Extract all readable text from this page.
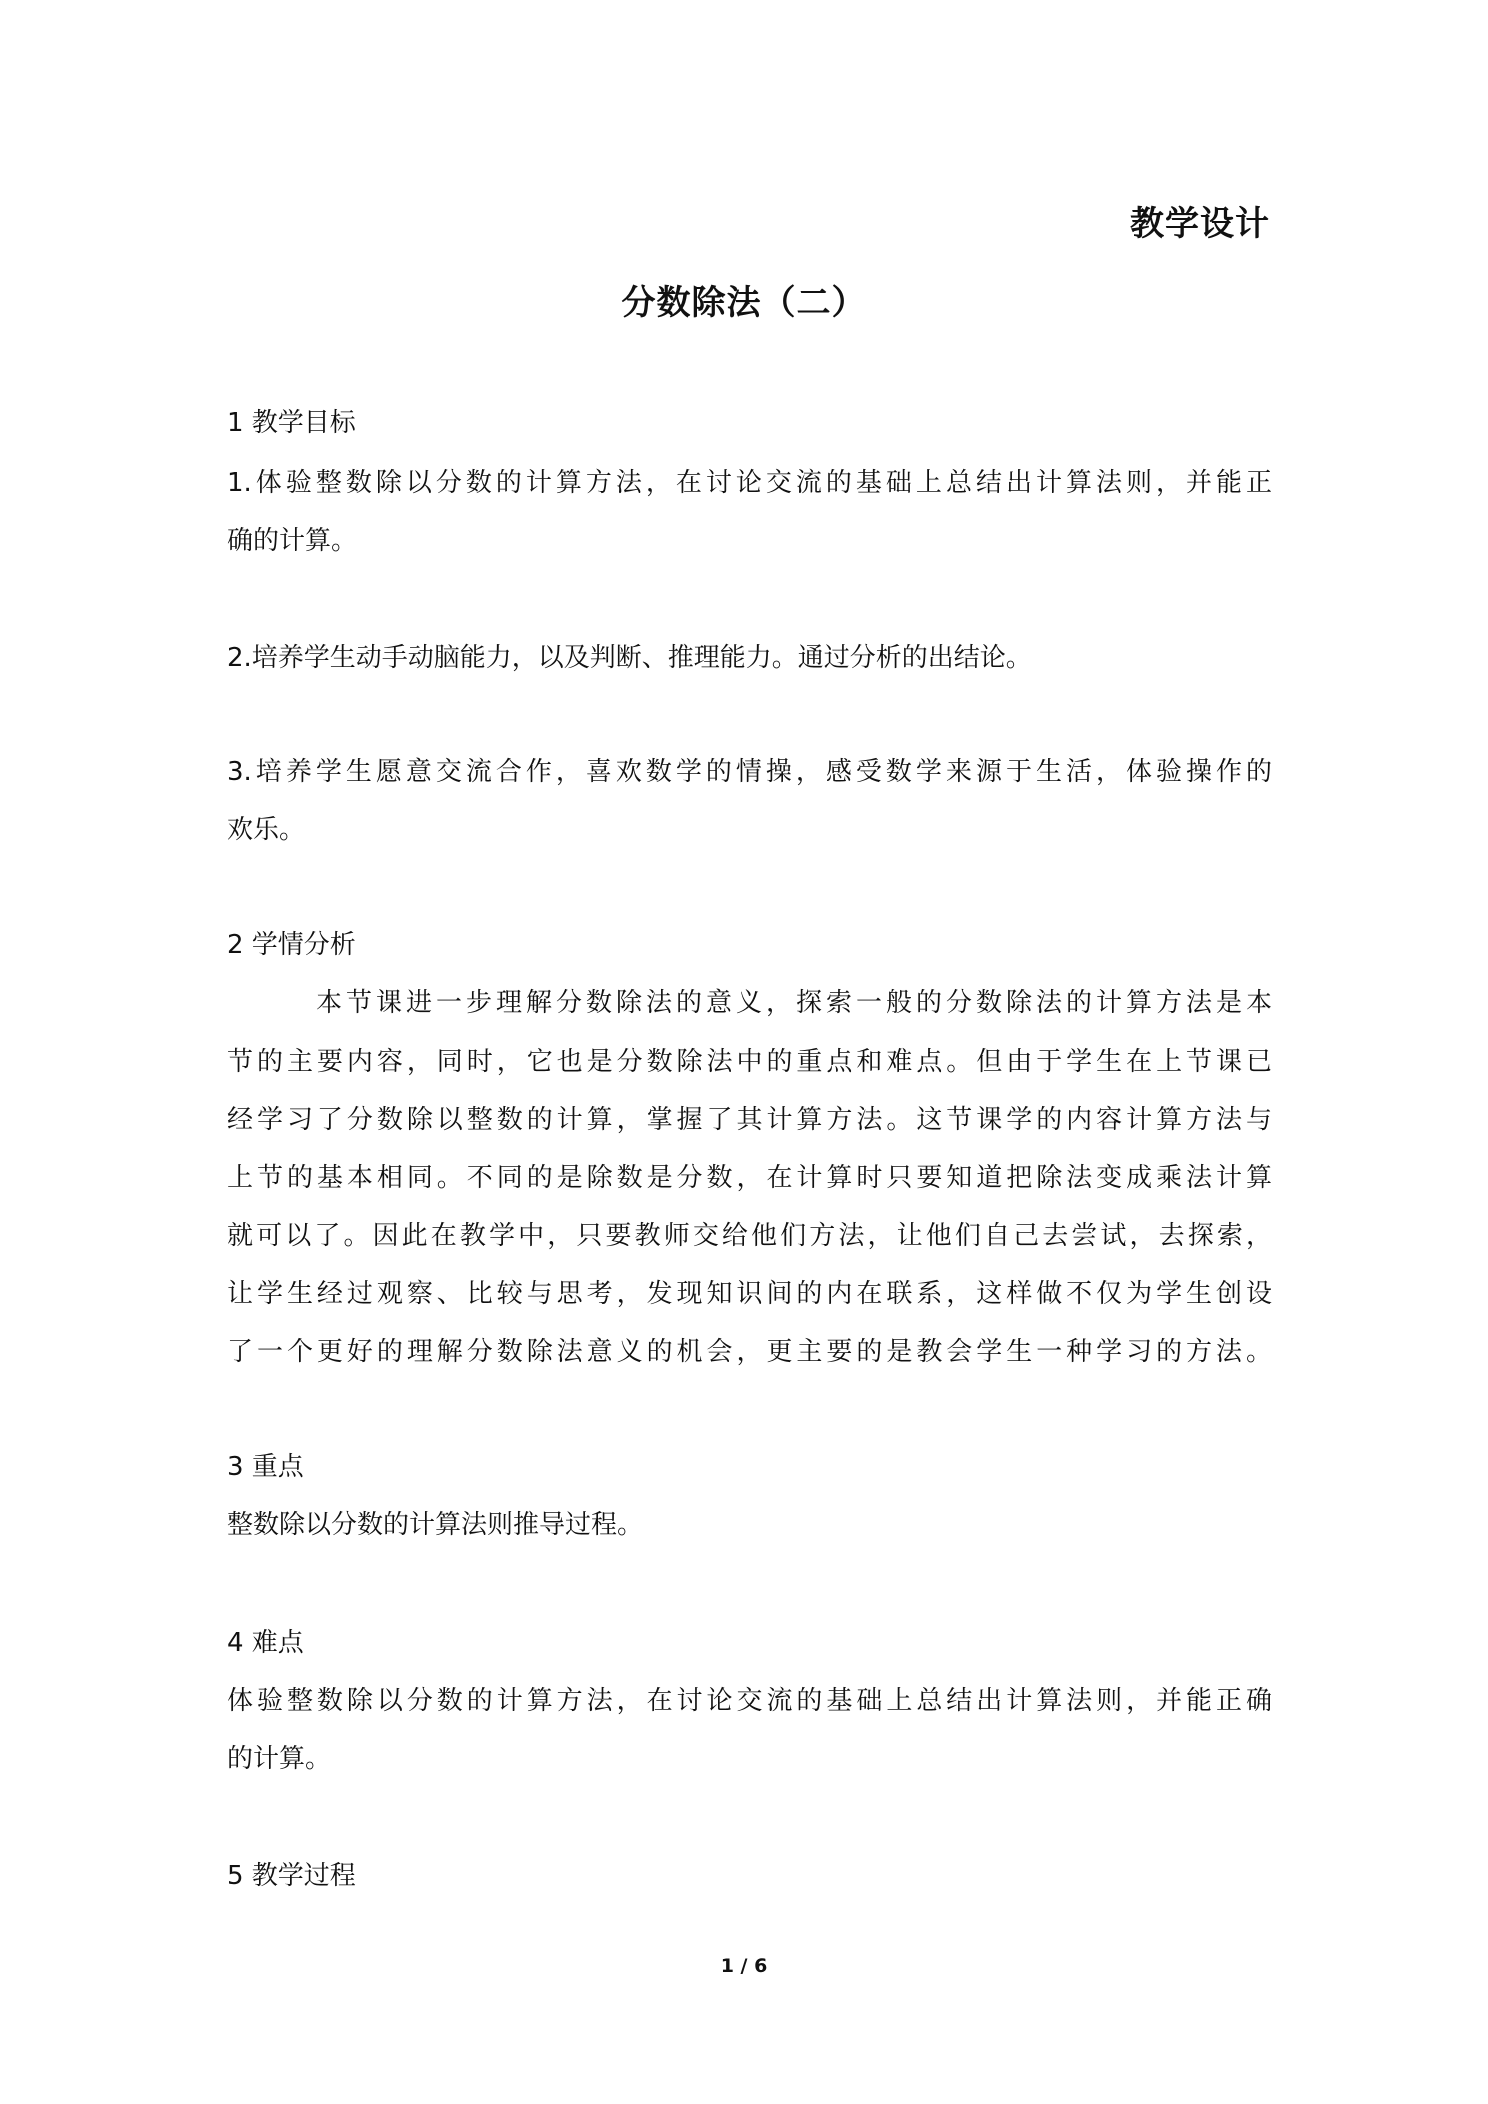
教学设计
分数除法（二）
1 教学目标
1.体验整数除以分数的计算方法，在讨论交流的基础上总结出计算法则，并能正
确的计算。
2.培养学生动手动脑能力，以及判断、推理能力。通过分析的出结论。
3.培养学生愿意交流合作，喜欢数学的情操，感受数学来源于生活，体验操作的
欢乐。
2 学情分析
本节课进一步理解分数除法的意义，探索一般的分数除法的计算方法是本
节的主要内容，同时，它也是分数除法中的重点和难点。但由于学生在上节课已
经学习了分数除以整数的计算，掌握了其计算方法。这节课学的内容计算方法与
上节的基本相同。不同的是除数是分数，在计算时只要知道把除法变成乘法计算
就可以了。因此在教学中，只要教师交给他们方法，让他们自己去尝试，去探索，
让学生经过观察、比较与思考，发现知识间的内在联系，这样做不仅为学生创设
了一个更好的理解分数除法意义的机会，更主要的是教会学生一种学习的方法。
3 重点
整数除以分数的计算法则推导过程。
4 难点
体验整数除以分数的计算方法，在讨论交流的基础上总结出计算法则，并能正确
的计算。
5 教学过程
1 / 6
